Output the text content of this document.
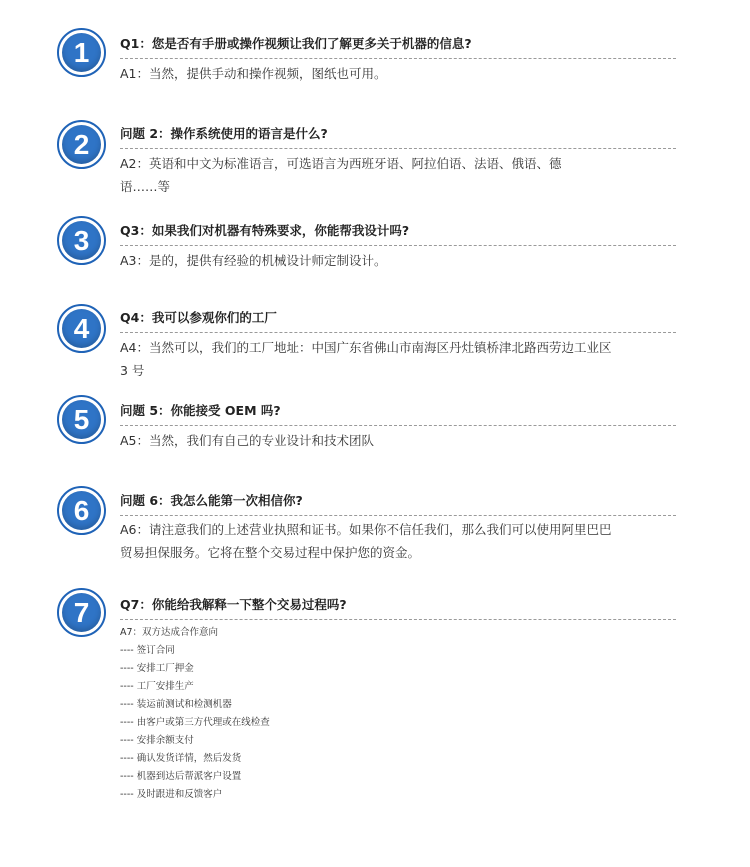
1	Q1：您是否有手册或操作视频让我们了解更多关于机器的信息?
A1：当然，提供手动和操作视频，图纸也可用。
2	问题 2：操作系统使用的语言是什么?
A2：英语和中文为标准语言，可选语言为西班牙语、阿拉伯语、法语、俄语、德语……等
3	Q3：如果我们对机器有特殊要求，你能帮我设计吗?
A3：是的，提供有经验的机械设计师定制设计。
4	Q4：我可以参观你们的工厂
A4：当然可以，我们的工厂地址：中国广东省佛山市南海区丹灶镇桥津北路西劳边工业区 3 号
5	问题 5：你能接受 OEM 吗?
A5：当然，我们有自己的专业设计和技术团队
6	问题 6：我怎么能第一次相信你?
A6：请注意我们的上述营业执照和证书。如果你不信任我们，那么我们可以使用阿里巴巴贸易担保服务。它将在整个交易过程中保护您的资金。
7	Q7：你能给我解释一下整个交易过程吗?
A7：双方达成合作意向
---- 签订合同
---- 安排工厂押金
---- 工厂安排生产
---- 装运前测试和检测机器
---- 由客户或第三方代理或在线检查
---- 安排余额支付
---- 确认发货详情，然后发货
---- 机器到达后帮派客户设置
---- 及时跟进和反馈客户
